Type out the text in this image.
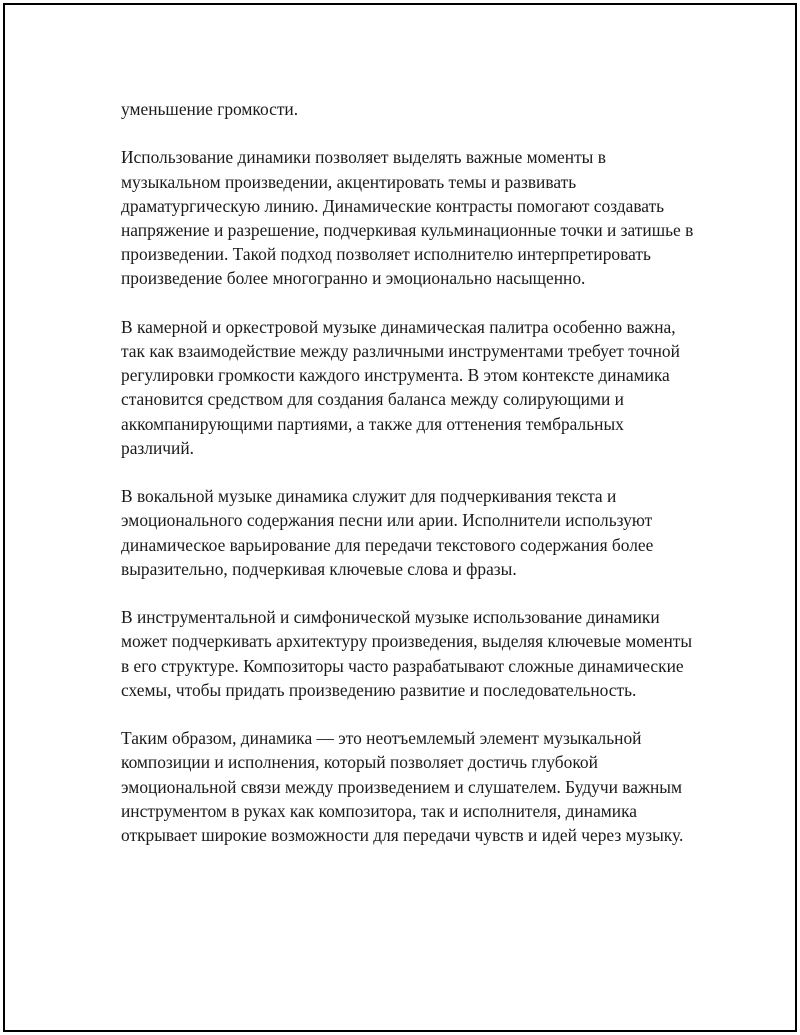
уменьшение громкости.

Использование динамики позволяет выделять важные моменты в музыкальном произведении, акцентировать темы и развивать драматургическую линию. Динамические контрасты помогают создавать напряжение и разрешение, подчеркивая кульминационные точки и затишье в произведении. Такой подход позволяет исполнителю интерпретировать произведение более многогранно и эмоционально насыщенно.

В камерной и оркестровой музыке динамическая палитра особенно важна, так как взаимодействие между различными инструментами требует точной регулировки громкости каждого инструмента. В этом контексте динамика становится средством для создания баланса между солирующими и аккомпанирующими партиями, а также для оттенения тембральных различий.

В вокальной музыке динамика служит для подчеркивания текста и эмоционального содержания песни или арии. Исполнители используют динамическое варьирование для передачи текстового содержания более выразительно, подчеркивая ключевые слова и фразы.

В инструментальной и симфонической музыке использование динамики может подчеркивать архитектуру произведения, выделяя ключевые моменты в его структуре. Композиторы часто разрабатывают сложные динамические схемы, чтобы придать произведению развитие и последовательность.

Таким образом, динамика — это неотъемлемый элемент музыкальной композиции и исполнения, который позволяет достичь глубокой эмоциональной связи между произведением и слушателем. Будучи важным инструментом в руках как композитора, так и исполнителя, динамика открывает широкие возможности для передачи чувств и идей через музыку.
